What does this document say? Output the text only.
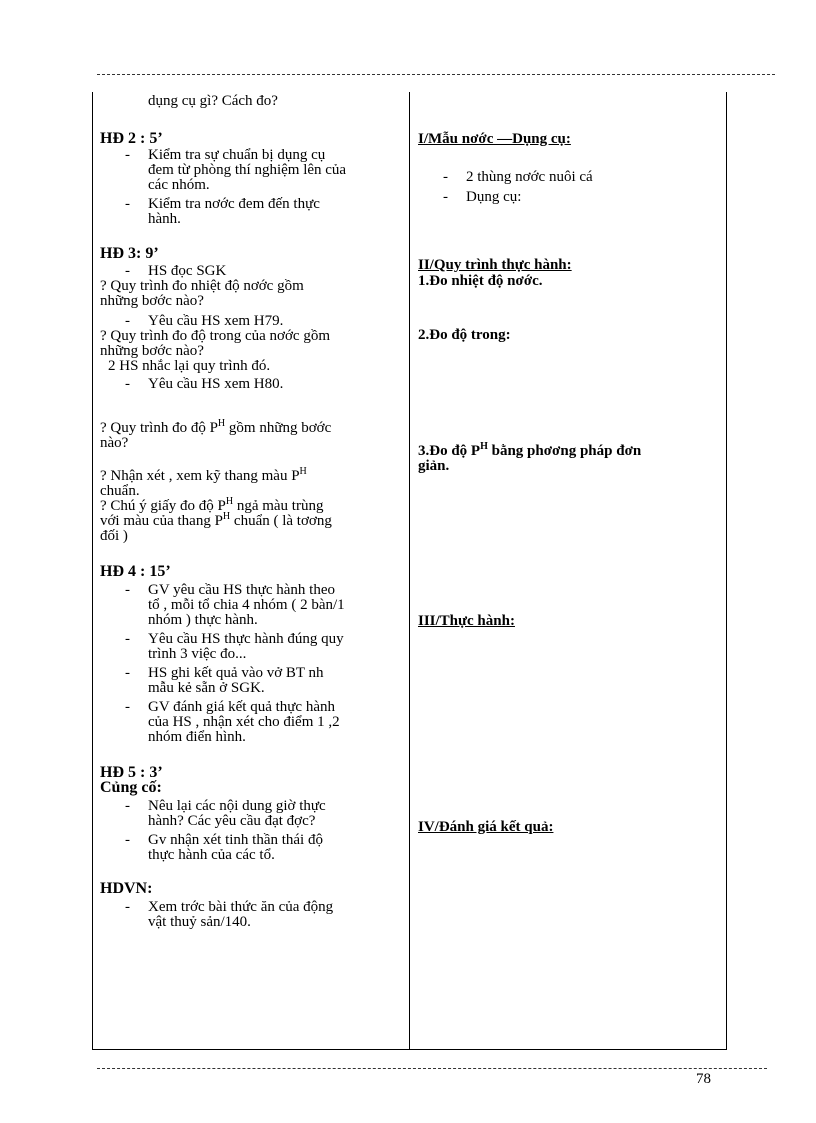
dụng cụ gì? Cách đo?

HĐ 2 : 5’

- Kiểm tra sự chuẩn bị dụng cụ
đem từ phòng thí nghiệm lên của
các nhóm.
- Kiểm tra nơớc đem đến thực
hành.

HĐ 3: 9’

- HS đọc SGK
? Quy trình đo nhiệt độ nơớc gồm
những bơớc nào?
- Yêu cầu HS xem H79.
? Quy trình đo độ trong của nơớc gồm
những bơớc nào?

2 HS nhắc lại quy trình đó.

- Yêu cầu HS xem H80.
? Quy trình đo độ $P^H$ gồm những bơớc
nào?
? Nhận xét , xem kỹ thang màu $P^H$
chuẩn.
? Chú ý giấy đo độ $P^H$ ngả màu trùng
với màu của thang $P^H$ chuẩn ( là tơơng
đối )

HĐ 4 : 15’

- GV yêu cầu HS thực hành theo
tổ , mỗi tổ chia 4 nhóm ( 2 bàn/1
nhóm ) thực hành.
- Yêu cầu HS thực hành đúng quy
trình 3 việc đo...
- HS ghi kết quả vào vở BT nh
mẫu kẻ sẵn ở SGK.
- GV đánh giá kết quả thực hành
của HS , nhận xét cho điểm 1 ,2
nhóm điển hình.

HĐ 5 : 3’

Củng cố:

- Nêu lại các nội dung giờ thực
hành? Các yêu cầu đạt đợc?
- Gv nhận xét tinh thần thái độ
thực hành của các tổ.

HDVN:

- Xem trớc bài thức ăn của động
vật thuỷ sản/140.
I/Mẫu nơớc —Dụng cụ:
- 2 thùng nơớc nuôi cá
- Dụng cụ:
II/Quy trình thực hành:
1.Đo nhiệt độ nơớc.
2.Đo độ trong:
3.Đo độ $P^H$ bằng phơơng pháp đơn
giản.
III/Thực hành:
IV/Đánh giá kết quả:
78
